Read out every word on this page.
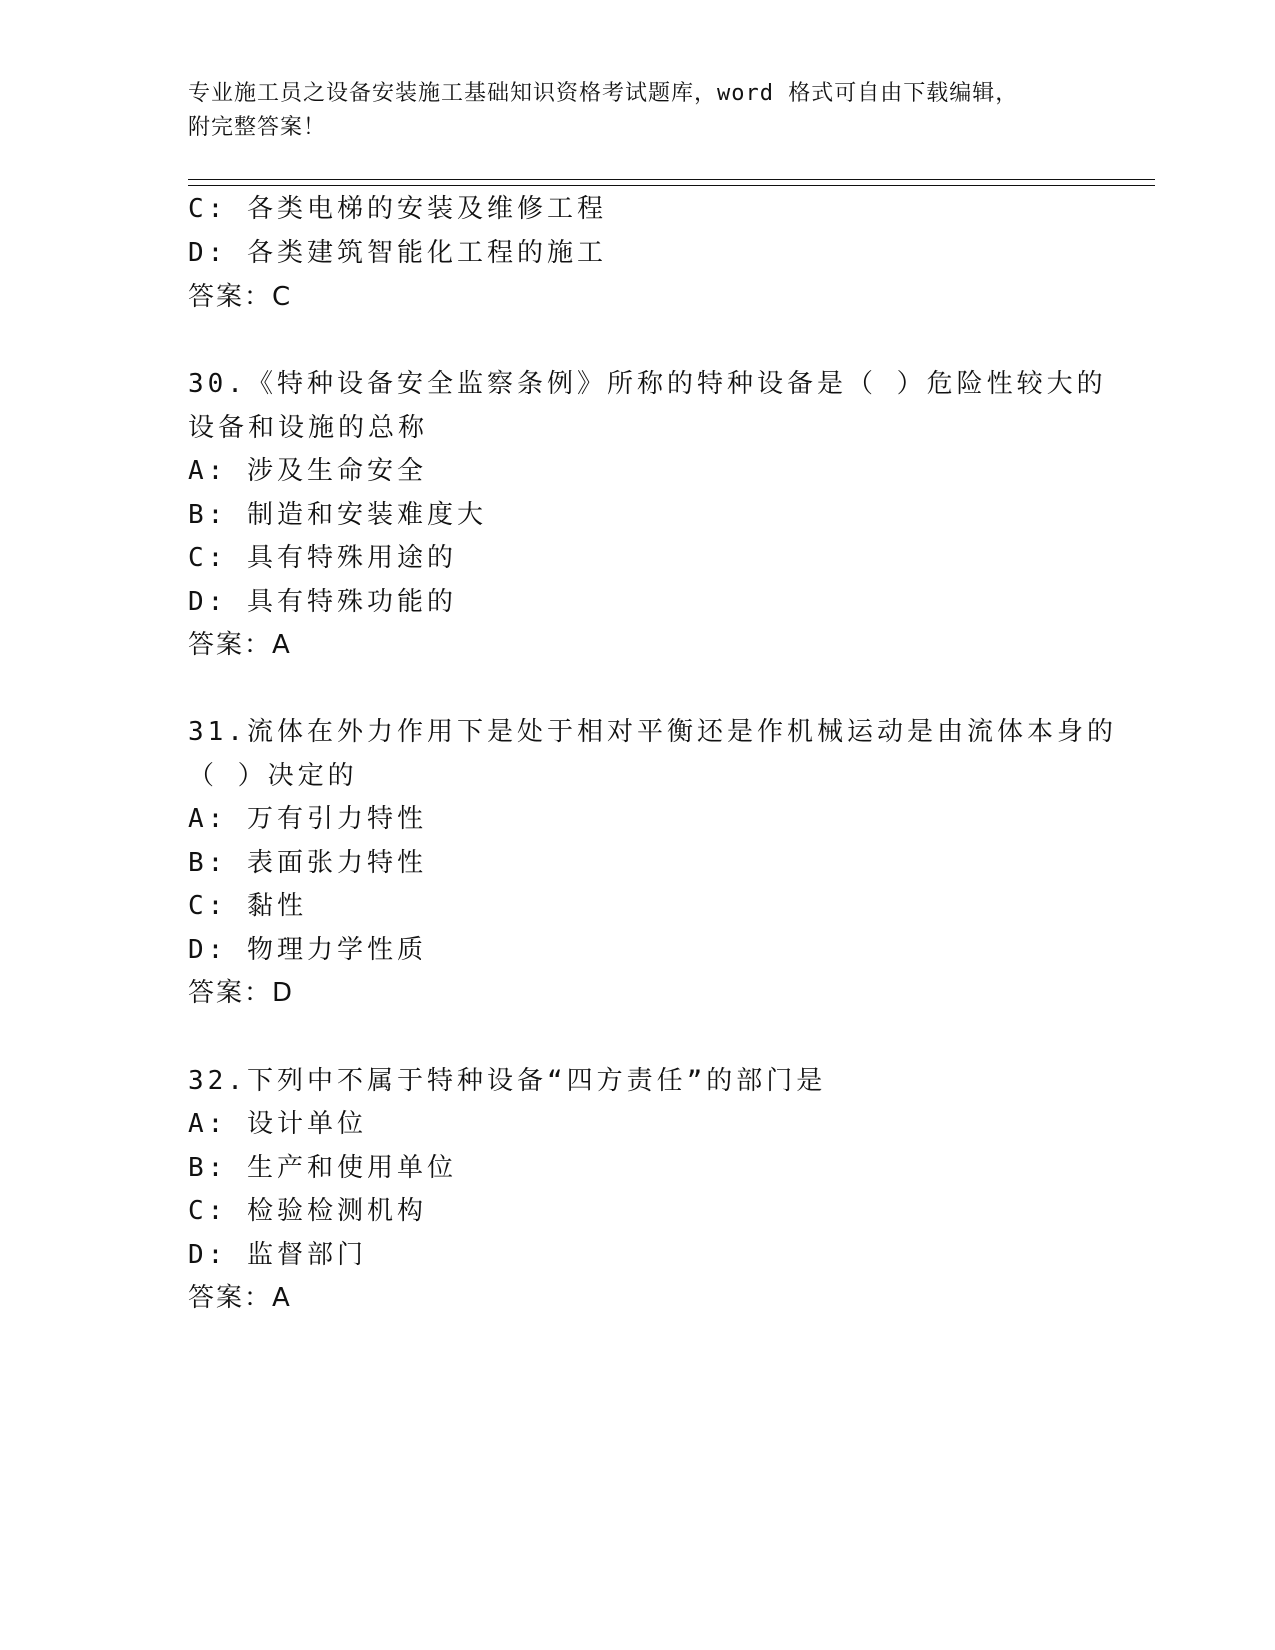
专业施工员之设备安装施工基础知识资格考试题库，word 格式可自由下载编辑，
附完整答案！
C: 各类电梯的安装及维修工程
D: 各类建筑智能化工程的施工
答案：C
30.《特种设备安全监察条例》所称的特种设备是（ ）危险性较大的
设备和设施的总称
A: 涉及生命安全
B: 制造和安装难度大
C: 具有特殊用途的
D: 具有特殊功能的
答案：A
31.流体在外力作用下是处于相对平衡还是作机械运动是由流体本身的
（ ）决定的
A: 万有引力特性
B: 表面张力特性
C: 黏性
D: 物理力学性质
答案：D
32.下列中不属于特种设备“四方责任”的部门是
A: 设计单位
B: 生产和使用单位
C: 检验检测机构
D: 监督部门
答案：A
